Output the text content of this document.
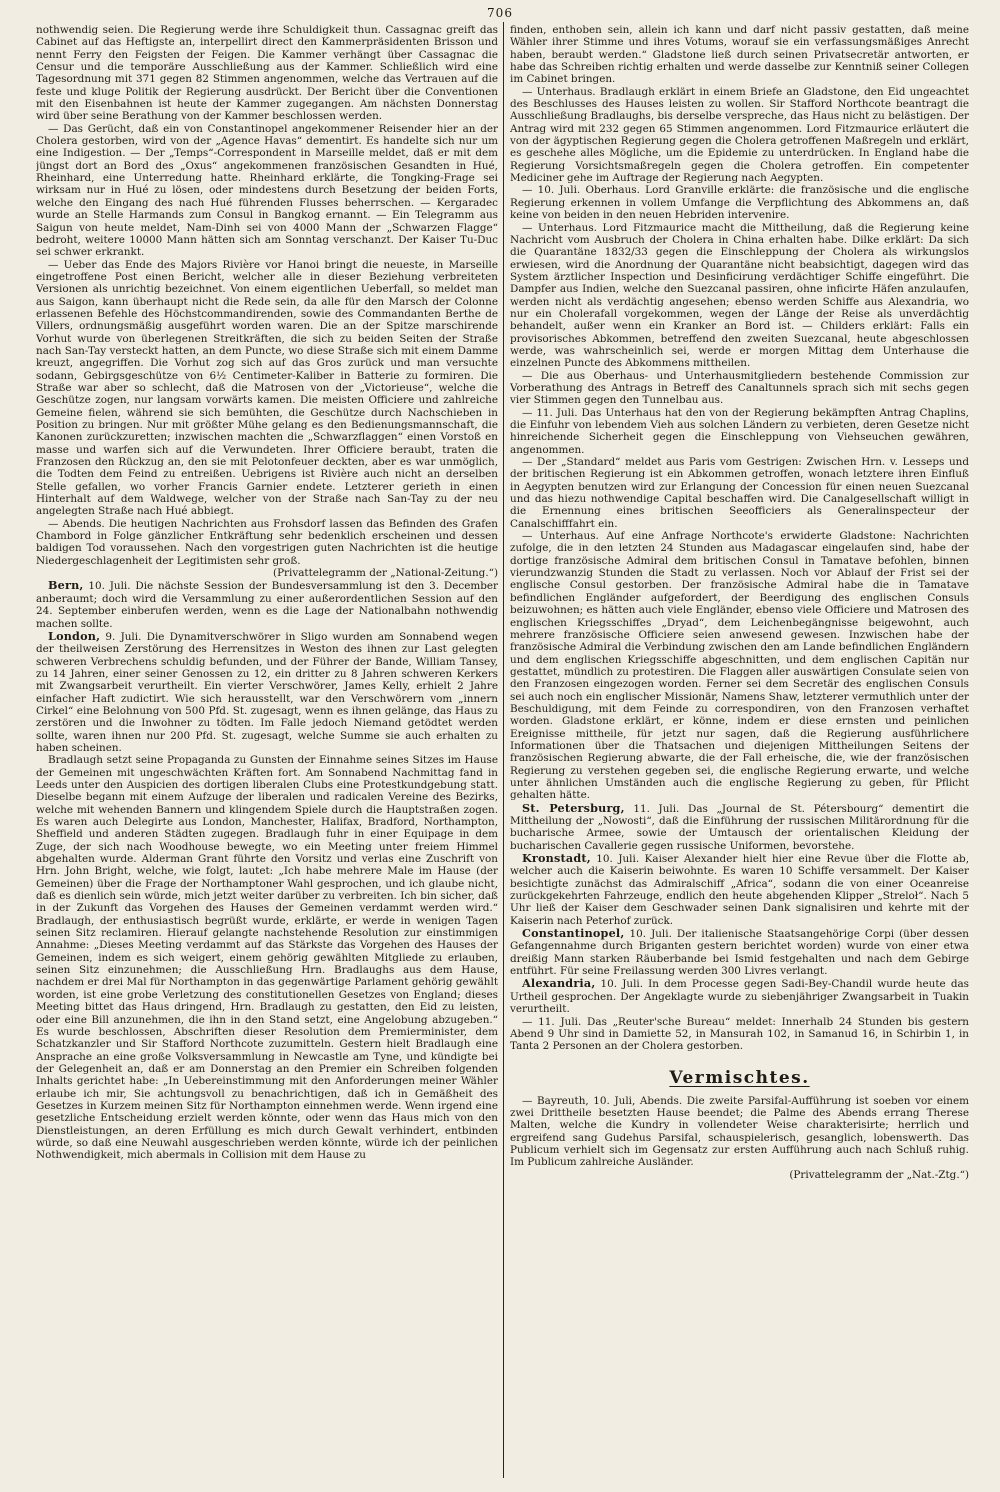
706

nothwendig seien. Die Regierung werde ihre Schuldigkeit thun. Cassagnac greift das Cabinet auf das Heftigste an, interpellirt direct den Kammerpräsidenten Brisson und nennt Ferry den Feigsten der Feigen. Die Kammer verhängt über Cassagnac die Censur und die temporäre Ausschließung aus der Kammer. Schließlich wird eine Tagesordnung mit 371 gegen 82 Stimmen angenommen, welche das Vertrauen auf die feste und kluge Politik der Regierung ausdrückt. Der Bericht über die Conventionen mit den Eisenbahnen ist heute der Kammer zugegangen. Am nächsten Donnerstag wird über seine Berathung von der Kammer beschlossen werden.

— Das Gerücht, daß ein von Constantinopel angekommener Reisender hier an der Cholera gestorben, wird von der „Agence Havas“ dementirt. Es handelte sich nur um eine Indigestion. — Der „Temps“-Correspondent in Marseille meldet, daß er mit dem jüngst dort an Bord des „Oxus“ angekommenen französischen Gesandten in Hué, Rheinhard, eine Unterredung hatte. Rheinhard erklärte, die Tongking-Frage sei wirksam nur in Hué zu lösen, oder mindestens durch Besetzung der beiden Forts, welche den Eingang des nach Hué führenden Flusses beherrschen. — Kergaradec wurde an Stelle Harmands zum Consul in Bangkog ernannt. — Ein Telegramm aus Saigun von heute meldet, Nam-Dinh sei von 4000 Mann der „Schwarzen Flagge“ bedroht, weitere 10000 Mann hätten sich am Sonntag verschanzt. Der Kaiser Tu-Duc sei schwer erkrankt.

— Ueber das Ende des Majors Rivière vor Hanoi bringt die neueste, in Marseille eingetroffene Post einen Bericht, welcher alle in dieser Beziehung verbreiteten Versionen als unrichtig bezeichnet. Von einem eigentlichen Ueberfall, so meldet man aus Saigon, kann überhaupt nicht die Rede sein, da alle für den Marsch der Colonne erlassenen Befehle des Höchstcommandirenden, sowie des Commandanten Berthe de Villers, ordnungsmäßig ausgeführt worden waren. Die an der Spitze marschirende Vorhut wurde von überlegenen Streitkräften, die sich zu beiden Seiten der Straße nach San-Tay versteckt hatten, an dem Puncte, wo diese Straße sich mit einem Damme kreuzt, angegriffen. Die Vorhut zog sich auf das Gros zurück und man versuchte sodann, Gebirgsgeschütze von 6½ Centimeter-Kaliber in Batterie zu formiren. Die Straße war aber so schlecht, daß die Matrosen von der „Victorieuse“, welche die Geschütze zogen, nur langsam vorwärts kamen. Die meisten Officiere und zahlreiche Gemeine fielen, während sie sich bemühten, die Geschütze durch Nachschieben in Position zu bringen. Nur mit größter Mühe gelang es den Bedienungsmannschaft, die Kanonen zurückzuretten; inzwischen machten die „Schwarzflaggen“ einen Vorstoß en masse und warfen sich auf die Verwundeten. Ihrer Officiere beraubt, traten die Franzosen den Rückzug an, den sie mit Pelotonfeuer deckten, aber es war unmöglich, die Todten dem Feind zu entreißen. Uebrigens ist Rivière auch nicht an derselben Stelle gefallen, wo vorher Francis Garnier endete. Letzterer gerieth in einen Hinterhalt auf dem Waldwege, welcher von der Straße nach San-Tay zu der neu angelegten Straße nach Hué abbiegt.

— Abends. Die heutigen Nachrichten aus Frohsdorf lassen das Befinden des Grafen Chambord in Folge gänzlicher Entkräftung sehr bedenklich erscheinen und dessen baldigen Tod voraussehen. Nach den vorgestrigen guten Nachrichten ist die heutige Niedergeschlagenheit der Legitimisten sehr groß.

(Privattelegramm der „National-Zeitung.“)

Bern, 10. Juli. Die nächste Session der Bundesversammlung ist den 3. December anberaumt; doch wird die Versammlung zu einer außerordentlichen Session auf den 24. September einberufen werden, wenn es die Lage der Nationalbahn nothwendig machen sollte.

London, 9. Juli. Die Dynamitverschwörer in Sligo wurden am Sonnabend wegen der theilweisen Zerstörung des Herrensitzes in Weston des ihnen zur Last gelegten schweren Verbrechens schuldig befunden, und der Führer der Bande, William Tansey, zu 14 Jahren, einer seiner Genossen zu 12, ein dritter zu 8 Jahren schweren Kerkers mit Zwangsarbeit verurtheilt. Ein vierter Verschwörer, James Kelly, erhielt 2 Jahre einfacher Haft zudictirt. Wie sich herausstellt, war den Verschwörern vom „innern Cirkel“ eine Belohnung von 500 Pfd. St. zugesagt, wenn es ihnen gelänge, das Haus zu zerstören und die Inwohner zu tödten. Im Falle jedoch Niemand getödtet werden sollte, waren ihnen nur 200 Pfd. St. zugesagt, welche Summe sie auch erhalten zu haben scheinen.

Bradlaugh setzt seine Propaganda zu Gunsten der Einnahme seines Sitzes im Hause der Gemeinen mit ungeschwächten Kräften fort. Am Sonnabend Nachmittag fand in Leeds unter den Auspicien des dortigen liberalen Clubs eine Protestkundgebung statt. Dieselbe begann mit einem Aufzuge der liberalen und radicalen Vereine des Bezirks, welche mit wehenden Bannern und klingendem Spiele durch die Hauptstraßen zogen. Es waren auch Delegirte aus London, Manchester, Halifax, Bradford, Northampton, Sheffield und anderen Städten zugegen. Bradlaugh fuhr in einer Equipage in dem Zuge, der sich nach Woodhouse bewegte, wo ein Meeting unter freiem Himmel abgehalten wurde. Alderman Grant führte den Vorsitz und verlas eine Zuschrift von Hrn. John Bright, welche, wie folgt, lautet: „Ich habe mehrere Male im Hause (der Gemeinen) über die Frage der Northamptoner Wahl gesprochen, und ich glaube nicht, daß es dienlich sein würde, mich jetzt weiter darüber zu verbreiten. Ich bin sicher, daß in der Zukunft das Vorgehen des Hauses der Gemeinen verdammt werden wird.“ Bradlaugh, der enthusiastisch begrüßt wurde, erklärte, er werde in wenigen Tagen seinen Sitz reclamiren. Hierauf gelangte nachstehende Resolution zur einstimmigen Annahme: „Dieses Meeting verdammt auf das Stärkste das Vorgehen des Hauses der Gemeinen, indem es sich weigert, einem gehörig gewählten Mitgliede zu erlauben, seinen Sitz einzunehmen; die Ausschließung Hrn. Bradlaughs aus dem Hause, nachdem er drei Mal für Northampton in das gegenwärtige Parlament gehörig gewählt worden, ist eine grobe Verletzung des constitutionellen Gesetzes von England; dieses Meeting bittet das Haus dringend, Hrn. Bradlaugh zu gestatten, den Eid zu leisten, oder eine Bill anzunehmen, die ihn in den Stand setzt, eine Angelobung abzugeben.“ Es wurde beschlossen, Abschriften dieser Resolution dem Premierminister, dem Schatzkanzler und Sir Stafford Northcote zuzumitteln. Gestern hielt Bradlaugh eine Ansprache an eine große Volksversammlung in Newcastle am Tyne, und kündigte bei der Gelegenheit an, daß er am Donnerstag an den Premier ein Schreiben folgenden Inhalts gerichtet habe: „In Uebereinstimmung mit den Anforderungen meiner Wähler erlaube ich mir, Sie achtungsvoll zu benachrichtigen, daß ich in Gemäßheit des Gesetzes in Kurzem meinen Sitz für Northampton einnehmen werde. Wenn irgend eine gesetzliche Entscheidung erzielt werden könnte, oder wenn das Haus mich von den Dienstleistungen, an deren Erfüllung es mich durch Gewalt verhindert, entbinden würde, so daß eine Neuwahl ausgeschrieben werden könnte, würde ich der peinlichen Nothwendigkeit, mich abermals in Collision mit dem Hause zu

finden, enthoben sein, allein ich kann und darf nicht passiv gestatten, daß meine Wähler ihrer Stimme und ihres Votums, worauf sie ein verfassungsmäßiges Anrecht haben, beraubt werden.“ Gladstone ließ durch seinen Privatsecretär antworten, er habe das Schreiben richtig erhalten und werde dasselbe zur Kenntniß seiner Collegen im Cabinet bringen.

— Unterhaus. Bradlaugh erklärt in einem Briefe an Gladstone, den Eid ungeachtet des Beschlusses des Hauses leisten zu wollen. Sir Stafford Northcote beantragt die Ausschließung Bradlaughs, bis derselbe verspreche, das Haus nicht zu belästigen. Der Antrag wird mit 232 gegen 65 Stimmen angenommen. Lord Fitzmaurice erläutert die von der ägyptischen Regierung gegen die Cholera getroffenen Maßregeln und erklärt, es geschehe alles Mögliche, um die Epidemie zu unterdrücken. In England habe die Regierung Vorsichtsmaßregeln gegen die Cholera getroffen. Ein competenter Mediciner gehe im Auftrage der Regierung nach Aegypten.

— 10. Juli. Oberhaus. Lord Granville erklärte: die französische und die englische Regierung erkennen in vollem Umfange die Verpflichtung des Abkommens an, daß keine von beiden in den neuen Hebriden intervenire.

— Unterhaus. Lord Fitzmaurice macht die Mittheilung, daß die Regierung keine Nachricht vom Ausbruch der Cholera in China erhalten habe. Dilke erklärt: Da sich die Quarantäne 1832/33 gegen die Einschleppung der Cholera als wirkungslos erwiesen, wird die Anordnung der Quarantäne nicht beabsichtigt, dagegen wird das System ärztlicher Inspection und Desinficirung verdächtiger Schiffe eingeführt. Die Dampfer aus Indien, welche den Suezcanal passiren, ohne inficirte Häfen anzulaufen, werden nicht als verdächtig angesehen; ebenso werden Schiffe aus Alexandria, wo nur ein Cholerafall vorgekommen, wegen der Länge der Reise als unverdächtig behandelt, außer wenn ein Kranker an Bord ist. — Childers erklärt: Falls ein provisorisches Abkommen, betreffend den zweiten Suezcanal, heute abgeschlossen werde, was wahrscheinlich sei, werde er morgen Mittag dem Unterhause die einzelnen Puncte des Abkommens mittheilen.

— Die aus Oberhaus- und Unterhausmitgliedern bestehende Commission zur Vorberathung des Antrags in Betreff des Canaltunnels sprach sich mit sechs gegen vier Stimmen gegen den Tunnelbau aus.

— 11. Juli. Das Unterhaus hat den von der Regierung bekämpften Antrag Chaplins, die Einfuhr von lebendem Vieh aus solchen Ländern zu verbieten, deren Gesetze nicht hinreichende Sicherheit gegen die Einschleppung von Viehseuchen gewähren, angenommen.

— Der „Standard“ meldet aus Paris vom Gestrigen: Zwischen Hrn. v. Lesseps und der britischen Regierung ist ein Abkommen getroffen, wonach letztere ihren Einfluß in Aegypten benutzen wird zur Erlangung der Concession für einen neuen Suezcanal und das hiezu nothwendige Capital beschaffen wird. Die Canalgesellschaft willigt in die Ernennung eines britischen Seeofficiers als Generalinspecteur der Canalschifffahrt ein.

— Unterhaus. Auf eine Anfrage Northcote's erwiderte Gladstone: Nachrichten zufolge, die in den letzten 24 Stunden aus Madagascar eingelaufen sind, habe der dortige französische Admiral dem britischen Consul in Tamatave befohlen, binnen vierundzwanzig Stunden die Stadt zu verlassen. Noch vor Ablauf der Frist sei der englische Consul gestorben. Der französische Admiral habe die in Tamatave befindlichen Engländer aufgefordert, der Beerdigung des englischen Consuls beizuwohnen; es hätten auch viele Engländer, ebenso viele Officiere und Matrosen des englischen Kriegsschiffes „Dryad“, dem Leichenbegängnisse beigewohnt, auch mehrere französische Officiere seien anwesend gewesen. Inzwischen habe der französische Admiral die Verbindung zwischen den am Lande befindlichen Engländern und dem englischen Kriegsschiffe abgeschnitten, und dem englischen Capitän nur gestattet, mündlich zu protestiren. Die Flaggen aller auswärtigen Consulate seien von den Franzosen eingezogen worden. Ferner sei dem Secretär des englischen Consuls sei auch noch ein englischer Missionär, Namens Shaw, letzterer vermuthlich unter der Beschuldigung, mit dem Feinde zu correspondiren, von den Franzosen verhaftet worden. Gladstone erklärt, er könne, indem er diese ernsten und peinlichen Ereignisse mittheile, für jetzt nur sagen, daß die Regierung ausführlichere Informationen über die Thatsachen und diejenigen Mittheilungen Seitens der französischen Regierung abwarte, die der Fall erheische, die, wie der französischen Regierung zu verstehen gegeben sei, die englische Regierung erwarte, und welche unter ähnlichen Umständen auch die englische Regierung zu geben, für Pflicht gehalten hätte.

St. Petersburg, 11. Juli. Das „Journal de St. Pétersbourg“ dementirt die Mittheilung der „Nowosti“, daß die Einführung der russischen Militärordnung für die bucharische Armee, sowie der Umtausch der orientalischen Kleidung der bucharischen Cavallerie gegen russische Uniformen, bevorstehe.

Kronstadt, 10. Juli. Kaiser Alexander hielt hier eine Revue über die Flotte ab, welcher auch die Kaiserin beiwohnte. Es waren 10 Schiffe versammelt. Der Kaiser besichtigte zunächst das Admiralschiff „Africa“, sodann die von einer Oceanreise zurückgekehrten Fahrzeuge, endlich den heute abgehenden Klipper „Streloł“. Nach 5 Uhr ließ der Kaiser dem Geschwader seinen Dank signalisiren und kehrte mit der Kaiserin nach Peterhof zurück.

Constantinopel, 10. Juli. Der italienische Staatsangehörige Corpi (über dessen Gefangennahme durch Briganten gestern berichtet worden) wurde von einer etwa dreißig Mann starken Räuberbande bei Ismid festgehalten und nach dem Gebirge entführt. Für seine Freilassung werden 300 Livres verlangt.

Alexandria, 10. Juli. In dem Processe gegen Sadi-Bey-Chandil wurde heute das Urtheil gesprochen. Der Angeklagte wurde zu siebenjähriger Zwangsarbeit in Tuakin verurtheilt.

— 11. Juli. Das „Reuter'sche Bureau“ meldet: Innerhalb 24 Stunden bis gestern Abend 9 Uhr sind in Damiette 52, in Mansurah 102, in Samanud 16, in Schirbin 1, in Tanta 2 Personen an der Cholera gestorben.

Vermischtes.

— Bayreuth, 10. Juli, Abends. Die zweite Parsifal-Aufführung ist soeben vor einem zwei Drittheile besetzten Hause beendet; die Palme des Abends errang Therese Malten, welche die Kundry in vollendeter Weise charakterisirte; herrlich und ergreifend sang Gudehus Parsifal, schauspielerisch, gesanglich, lobenswerth. Das Publicum verhielt sich im Gegensatz zur ersten Aufführung auch nach Schluß ruhig. Im Publicum zahlreiche Ausländer.

(Privattelegramm der „Nat.-Ztg.“)
